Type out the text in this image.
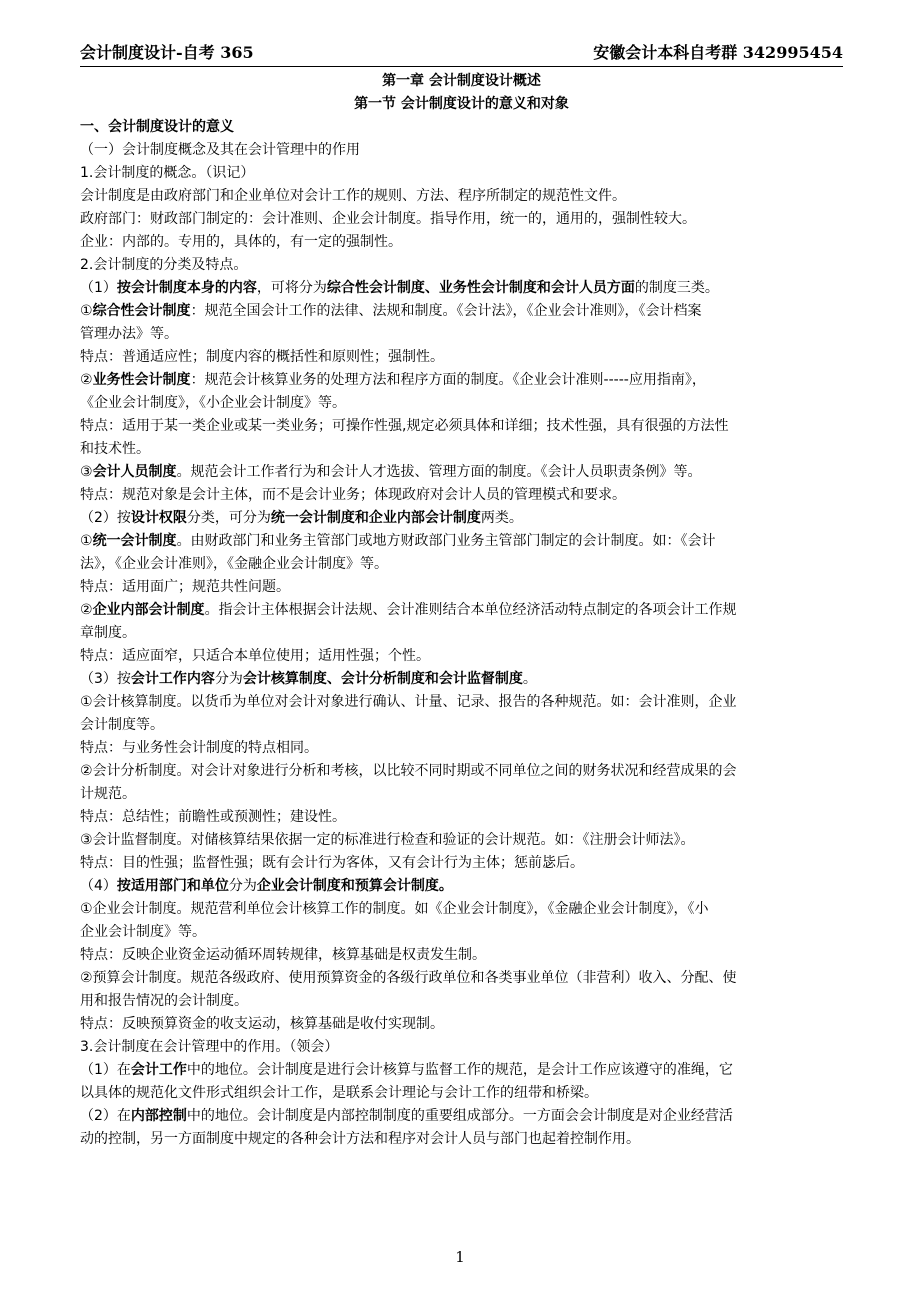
会计制度设计-自考 365	安徽会计本科自考群 342995454

第一章 会计制度设计概述

第一节 会计制度设计的意义和对象

一、会计制度设计的意义

（一）会计制度概念及其在会计管理中的作用

1.会计制度的概念。（识记）

会计制度是由政府部门和企业单位对会计工作的规则、方法、程序所制定的规范性文件。

政府部门：财政部门制定的：会计准则、企业会计制度。指导作用，统一的，通用的，强制性较大。

企业：内部的。专用的，具体的，有一定的强制性。

2.会计制度的分类及特点。

（1）按会计制度本身的内容，可将分为综合性会计制度、业务性会计制度和会计人员方面的制度三类。

①综合性会计制度：规范全国会计工作的法律、法规和制度。《会计法》，《企业会计准则》，《会计档案

管理办法》等。

特点：普通适应性；制度内容的概括性和原则性；强制性。

②业务性会计制度：规范会计核算业务的处理方法和程序方面的制度。《企业会计准则-----应用指南》，

《企业会计制度》，《小企业会计制度》等。

特点：适用于某一类企业或某一类业务；可操作性强,规定必须具体和详细；技术性强，具有很强的方法性

和技术性。

③会计人员制度。规范会计工作者行为和会计人才选拔、管理方面的制度。《会计人员职责条例》等。

特点：规范对象是会计主体，而不是会计业务；体现政府对会计人员的管理模式和要求。

（2）按设计权限分类，可分为统一会计制度和企业内部会计制度两类。

①统一会计制度。由财政部门和业务主管部门或地方财政部门业务主管部门制定的会计制度。如：《会计

法》，《企业会计准则》，《金融企业会计制度》等。

特点：适用面广；规范共性问题。

②企业内部会计制度。指会计主体根据会计法规、会计准则结合本单位经济活动特点制定的各项会计工作规

章制度。

特点：适应面窄，只适合本单位使用；适用性强；个性。

（3）按会计工作内容分为会计核算制度、会计分析制度和会计监督制度。

①会计核算制度。以货币为单位对会计对象进行确认、计量、记录、报告的各种规范。如：会计准则，企业

会计制度等。

特点：与业务性会计制度的特点相同。

②会计分析制度。对会计对象进行分析和考核，以比较不同时期或不同单位之间的财务状况和经营成果的会

计规范。

特点：总结性；前瞻性或预测性；建设性。

③会计监督制度。对储核算结果依据一定的标准进行检查和验证的会计规范。如：《注册会计师法》。

特点：目的性强；监督性强；既有会计行为客体，又有会计行为主体；惩前毖后。

（4）按适用部门和单位分为企业会计制度和预算会计制度。

①企业会计制度。规范营利单位会计核算工作的制度。如《企业会计制度》，《金融企业会计制度》，《小

企业会计制度》等。

特点：反映企业资金运动循环周转规律，核算基础是权责发生制。

②预算会计制度。规范各级政府、使用预算资金的各级行政单位和各类事业单位（非营利）收入、分配、使

用和报告情况的会计制度。

特点：反映预算资金的收支运动，核算基础是收付实现制。

3.会计制度在会计管理中的作用。（领会）

（1）在会计工作中的地位。会计制度是进行会计核算与监督工作的规范，是会计工作应该遵守的准绳，它

以具体的规范化文件形式组织会计工作，是联系会计理论与会计工作的纽带和桥梁。

（2）在内部控制中的地位。会计制度是内部控制制度的重要组成部分。一方面会会计制度是对企业经营活

动的控制，另一方面制度中规定的各种会计方法和程序对会计人员与部门也起着控制作用。

1
